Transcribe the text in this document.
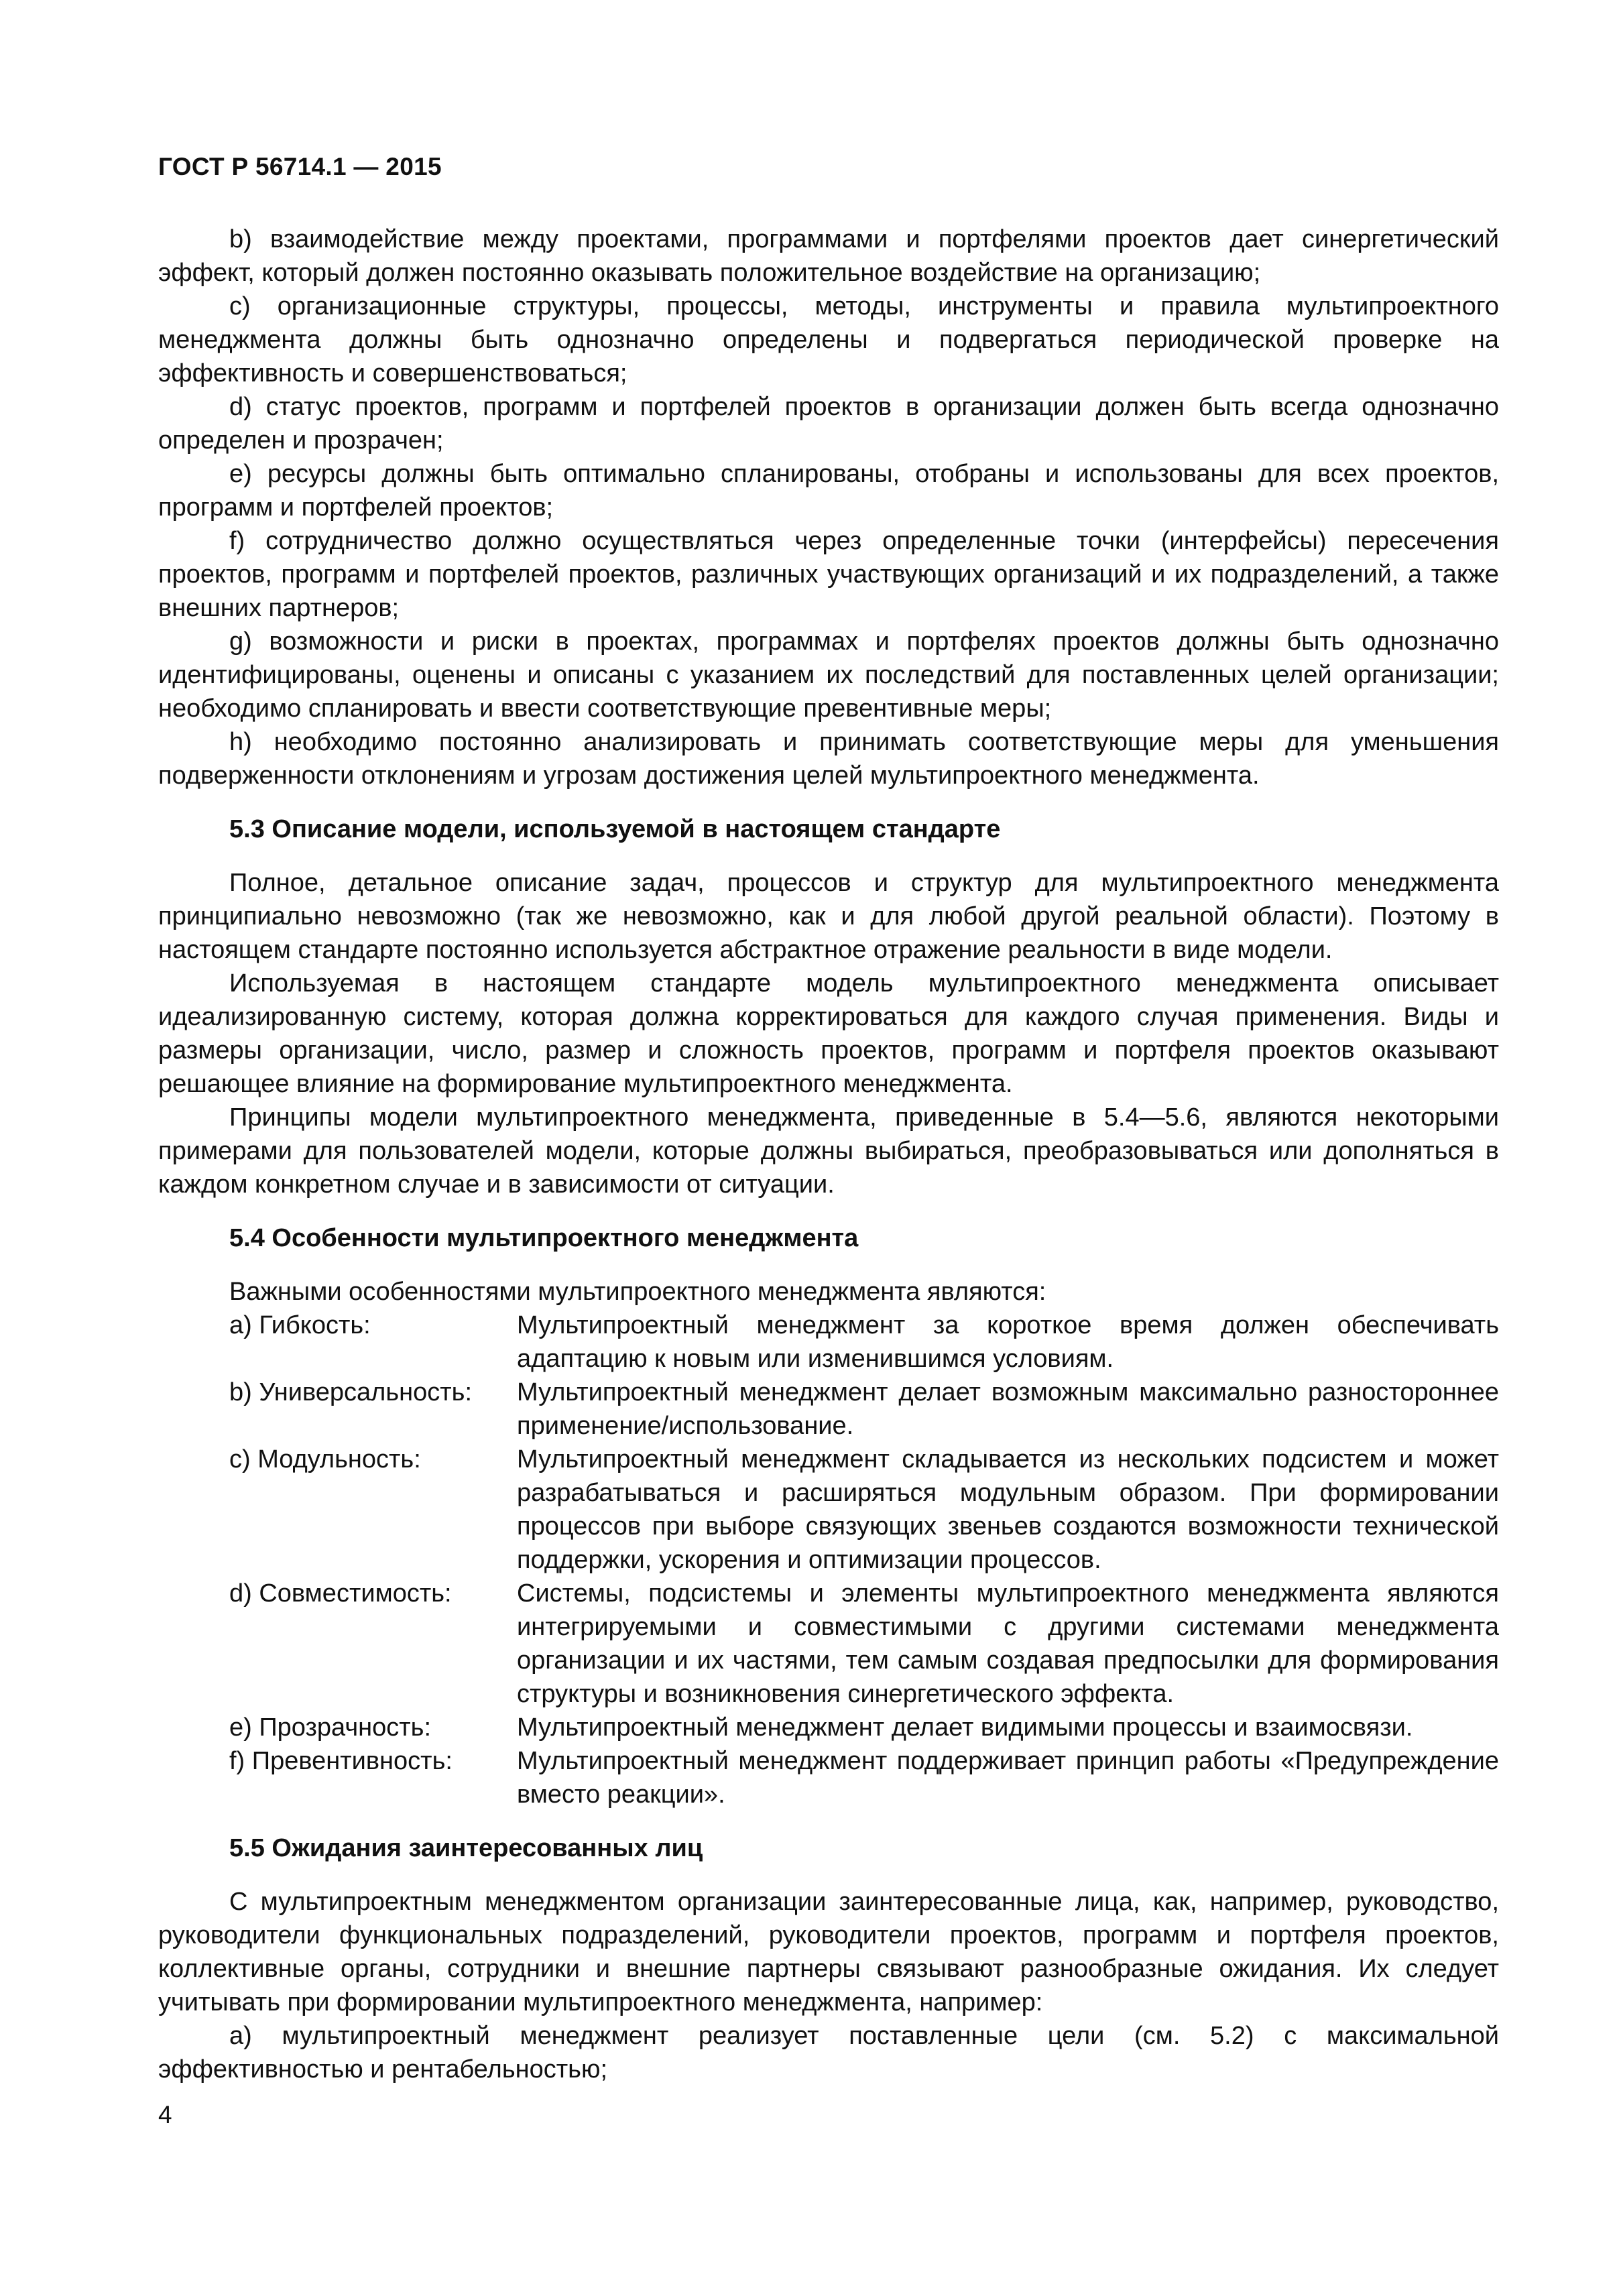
ГОСТ Р 56714.1 — 2015

b) взаимодействие между проектами, программами и портфелями проектов дает синергетический эффект, который должен постоянно оказывать положительное воздействие на организацию;

c) организационные структуры, процессы, методы, инструменты и правила мультипроектного менеджмента должны быть однозначно определены и подвергаться периодической проверке на эффективность и совершенствоваться;

d) статус проектов, программ и портфелей проектов в организации должен быть всегда однозначно определен и прозрачен;

e) ресурсы должны быть оптимально спланированы, отобраны и использованы для всех проектов, программ и портфелей проектов;

f) сотрудничество должно осуществляться через определенные точки (интерфейсы) пересечения проектов, программ и портфелей проектов, различных участвующих организаций и их подразделений, а также внешних партнеров;

g) возможности и риски в проектах, программах и портфелях проектов должны быть однозначно идентифицированы, оценены и описаны с указанием их последствий для поставленных целей организации; необходимо спланировать и ввести соответствующие превентивные меры;

h) необходимо постоянно анализировать и принимать соответствующие меры для уменьшения подверженности отклонениям и угрозам достижения целей мультипроектного менеджмента.

5.3 Описание модели, используемой в настоящем стандарте

Полное, детальное описание задач, процессов и структур для мультипроектного менеджмента принципиально невозможно (так же невозможно, как и для любой другой реальной области). Поэтому в настоящем стандарте постоянно используется абстрактное отражение реальности в виде модели.

Используемая в настоящем стандарте модель мультипроектного менеджмента описывает идеализированную систему, которая должна корректироваться для каждого случая применения. Виды и размеры организации, число, размер и сложность проектов, программ и портфеля проектов оказывают решающее влияние на формирование мультипроектного менеджмента.

Принципы модели мультипроектного менеджмента, приведенные в 5.4—5.6, являются некоторыми примерами для пользователей модели, которые должны выбираться, преобразовываться или дополняться в каждом конкретном случае и в зависимости от ситуации.

5.4 Особенности мультипроектного менеджмента

Важными особенностями мультипроектного менеджмента являются:

a) Гибкость:	Мультипроектный менеджмент за короткое время должен обеспечивать адаптацию к новым или изменившимся условиям.
b) Универсальность:	Мультипроектный менеджмент делает возможным максимально разностороннее применение/использование.
c) Модульность:	Мультипроектный менеджмент складывается из нескольких подсистем и может разрабатываться и расширяться модульным образом. При формировании процессов при выборе связующих звеньев создаются возможности технической поддержки, ускорения и оптимизации процессов.
d) Совместимость:	Системы, подсистемы и элементы мультипроектного менеджмента являются интегрируемыми и совместимыми с другими системами менеджмента организации и их частями, тем самым создавая предпосылки для формирования структуры и возникновения синергетического эффекта.
e) Прозрачность:	Мультипроектный менеджмент делает видимыми процессы и взаимосвязи.
f) Превентивность:	Мультипроектный менеджмент поддерживает принцип работы «Предупреждение вместо реакции».
5.5 Ожидания заинтересованных лиц

С мультипроектным менеджментом организации заинтересованные лица, как, например, руководство, руководители функциональных подразделений, руководители проектов, программ и портфеля проектов, коллективные органы, сотрудники и внешние партнеры связывают разнообразные ожидания. Их следует учитывать при формировании мультипроектного менеджмента, например:

a) мультипроектный менеджмент реализует поставленные цели (см. 5.2) с максимальной эффективностью и рентабельностью;

4
